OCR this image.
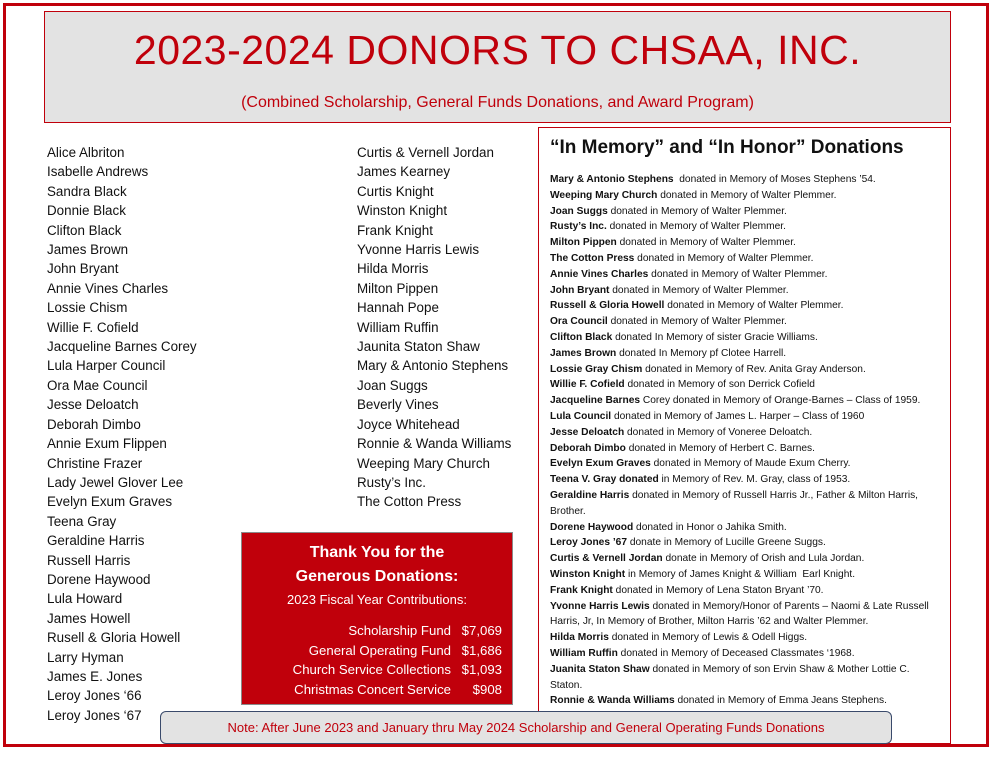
2023-2024 DONORS TO CHSAA, INC.
(Combined Scholarship, General Funds Donations, and Award Program)
Alice Albriton
Isabelle Andrews
Sandra Black
Donnie Black
Clifton Black
James Brown
John Bryant
Annie Vines Charles
Lossie Chism
Willie F. Cofield
Jacqueline Barnes Corey
Lula Harper Council
Ora Mae Council
Jesse Deloatch
Deborah Dimbo
Annie Exum Flippen
Christine Frazer
Lady Jewel Glover Lee
Evelyn Exum Graves
Teena Gray
Geraldine Harris
Russell Harris
Dorene Haywood
Lula Howard
James Howell
Rusell & Gloria Howell
Larry Hyman
James E. Jones
Leroy Jones ‘66
Leroy Jones ‘67
Curtis & Vernell Jordan
James Kearney
Curtis Knight
Winston Knight
Frank Knight
Yvonne Harris Lewis
Hilda Morris
Milton Pippen
Hannah Pope
William Ruffin
Jaunita Staton Shaw
Mary & Antonio Stephens
Joan Suggs
Beverly Vines
Joyce Whitehead
Ronnie & Wanda Williams
Weeping Mary Church
Rusty’s Inc.
The Cotton Press
“In Memory” and “In Honor” Donations
Mary & Antonio Stephens  donated in Memory of Moses Stephens ’54.
Weeping Mary Church donated in Memory of Walter Plemmer.
Joan Suggs donated in Memory of Walter Plemmer.
Rusty’s Inc. donated in Memory of Walter Plemmer.
Milton Pippen donated in Memory of Walter Plemmer.
The Cotton Press donated in Memory of Walter Plemmer.
Annie Vines Charles donated in Memory of Walter Plemmer.
John Bryant donated in Memory of Walter Plemmer.
Russell & Gloria Howell donated in Memory of Walter Plemmer.
Ora Council donated in Memory of Walter Plemmer.
Clifton Black donated In Memory of sister Gracie Williams.
James Brown donated In Memory pf Clotee Harrell.
Lossie Gray Chism donated in Memory of Rev. Anita Gray Anderson.
Willie F. Cofield donated in Memory of son Derrick Cofield
Jacqueline Barnes Corey donated in Memory of Orange-Barnes – Class of 1959.
Lula Council donated in Memory of James L. Harper – Class of 1960
Jesse Deloatch donated in Memory of Voneree Deloatch.
Deborah Dimbo donated in Memory of Herbert C. Barnes.
Evelyn Exum Graves donated in Memory of Maude Exum Cherry.
Teena V. Gray donated in Memory of Rev. M. Gray, class of 1953.
Geraldine Harris donated in Memory of Russell Harris Jr., Father & Milton Harris, Brother.
Dorene Haywood donated in Honor o Jahika Smith.
Leroy Jones ’67 donate in Memory of Lucille Greene Suggs.
Curtis & Vernell Jordan donate in Memory of Orish and Lula Jordan.
Winston Knight in Memory of James Knight & William  Earl Knight.
Frank Knight donated in Memory of Lena Staton Bryant ’70.
Yvonne Harris Lewis donated in Memory/Honor of Parents – Naomi & Late Russell Harris, Jr, In Memory of Brother, Milton Harris ’62 and Walter Plemmer.
Hilda Morris donated in Memory of Lewis & Odell Higgs.
William Ruffin donated in Memory of Deceased Classmates ‘1968.
Juanita Staton Shaw donated in Memory of son Ervin Shaw & Mother Lottie C. Staton.
Ronnie & Wanda Williams donated in Memory of Emma Jeans Stephens.
Thank You for the
Generous Donations:
2023 Fiscal Year Contributions:
Scholarship Fund $7,069
General Operating Fund $1,686
Church Service Collections $1,093
Christmas Concert Service	$908
Note: After June 2023 and January thru May 2024 Scholarship and General Operating Funds Donations
